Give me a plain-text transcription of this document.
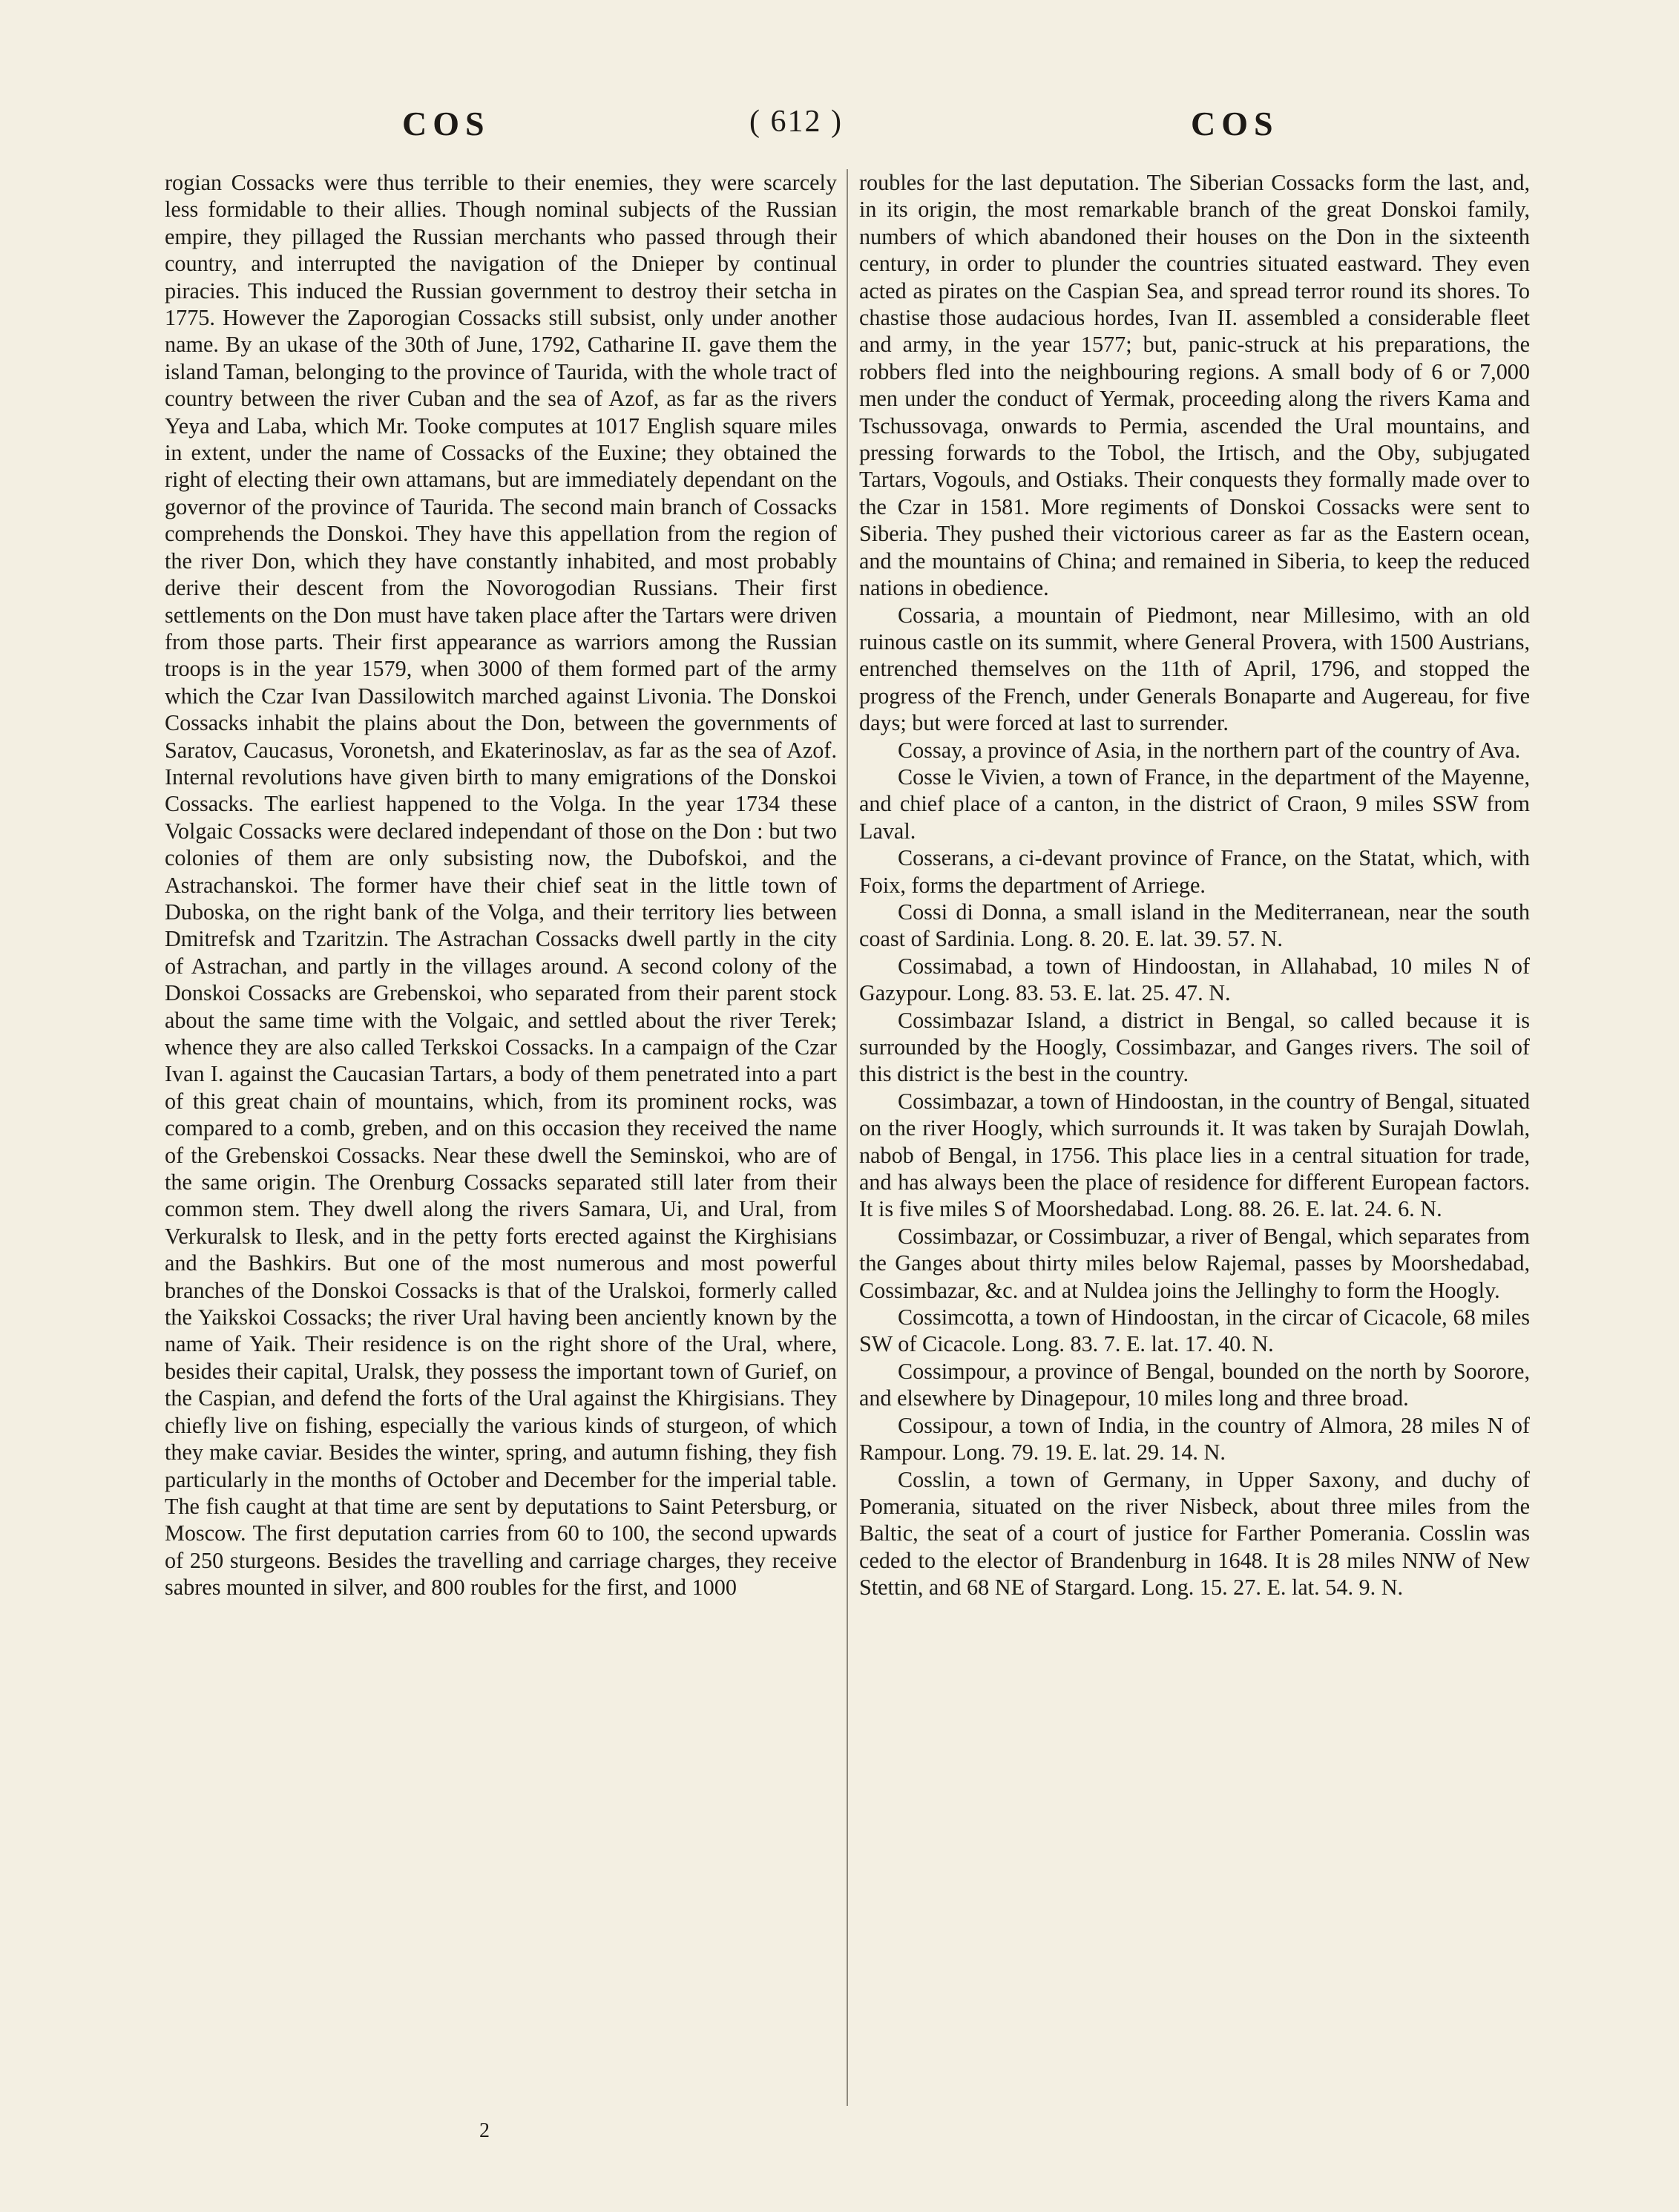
COS	( 612 )	COS

rogian Cossacks were thus terrible to their enemies, they were scarcely less formidable to their allies. Though nominal subjects of the Russian empire, they pillaged the Russian merchants who passed through their country, and interrupted the navigation of the Dnieper by continual piracies. This induced the Russian government to destroy their setcha in 1775. However the Zaporogian Cossacks still subsist, only under another name. By an ukase of the 30th of June, 1792, Catharine II. gave them the island Taman, belonging to the province of Taurida, with the whole tract of country between the river Cuban and the sea of Azof, as far as the rivers Yeya and Laba, which Mr. Tooke computes at 1017 English square miles in extent, under the name of Cossacks of the Euxine; they obtained the right of electing their own attamans, but are immediately dependant on the governor of the province of Taurida. The second main branch of Cossacks comprehends the Donskoi. They have this appellation from the region of the river Don, which they have constantly inhabited, and most probably derive their descent from the Novorogodian Russians. Their first settlements on the Don must have taken place after the Tartars were driven from those parts. Their first appearance as warriors among the Russian troops is in the year 1579, when 3000 of them formed part of the army which the Czar Ivan Dassilowitch marched against Livonia. The Donskoi Cossacks inhabit the plains about the Don, between the governments of Saratov, Caucasus, Voronetsh, and Ekaterinoslav, as far as the sea of Azof. Internal revolutions have given birth to many emigrations of the Donskoi Cossacks. The earliest happened to the Volga. In the year 1734 these Volgaic Cossacks were declared independant of those on the Don : but two colonies of them are only subsisting now, the Dubofskoi, and the Astrachanskoi. The former have their chief seat in the little town of Duboska, on the right bank of the Volga, and their territory lies between Dmitrefsk and Tzaritzin. The Astrachan Cossacks dwell partly in the city of Astrachan, and partly in the villages around. A second colony of the Donskoi Cossacks are Grebenskoi, who separated from their parent stock about the same time with the Volgaic, and settled about the river Terek; whence they are also called Terkskoi Cossacks. In a campaign of the Czar Ivan I. against the Caucasian Tartars, a body of them penetrated into a part of this great chain of mountains, which, from its prominent rocks, was compared to a comb, greben, and on this occasion they received the name of the Grebenskoi Cossacks. Near these dwell the Seminskoi, who are of the same origin. The Orenburg Cossacks separated still later from their common stem. They dwell along the rivers Samara, Ui, and Ural, from Verkuralsk to Ilesk, and in the petty forts erected against the Kirghisians and the Bashkirs. But one of the most numerous and most powerful branches of the Donskoi Cossacks is that of the Uralskoi, formerly called the Yaikskoi Cossacks; the river Ural having been anciently known by the name of Yaik. Their residence is on the right shore of the Ural, where, besides their capital, Uralsk, they possess the important town of Gurief, on the Caspian, and defend the forts of the Ural against the Khirgisians. They chiefly live on fishing, especially the various kinds of sturgeon, of which they make caviar. Besides the winter, spring, and autumn fishing, they fish particularly in the months of October and December for the imperial table. The fish caught at that time are sent by deputations to Saint Petersburg, or Moscow. The first deputation carries from 60 to 100, the second upwards of 250 sturgeons. Besides the travelling and carriage charges, they receive sabres mounted in silver, and 800 roubles for the first, and 1000

roubles for the last deputation. The Siberian Cossacks form the last, and, in its origin, the most remarkable branch of the great Donskoi family, numbers of which abandoned their houses on the Don in the sixteenth century, in order to plunder the countries situated eastward. They even acted as pirates on the Caspian Sea, and spread terror round its shores. To chastise those audacious hordes, Ivan II. assembled a considerable fleet and army, in the year 1577; but, panic-struck at his preparations, the robbers fled into the neighbouring regions. A small body of 6 or 7,000 men under the conduct of Yermak, proceeding along the rivers Kama and Tschussovaga, onwards to Permia, ascended the Ural mountains, and pressing forwards to the Tobol, the Irtisch, and the Oby, subjugated Tartars, Vogouls, and Ostiaks. Their conquests they formally made over to the Czar in 1581. More regiments of Donskoi Cossacks were sent to Siberia. They pushed their victorious career as far as the Eastern ocean, and the mountains of China; and remained in Siberia, to keep the reduced nations in obedience.

Cossaria, a mountain of Piedmont, near Millesimo, with an old ruinous castle on its summit, where General Provera, with 1500 Austrians, entrenched themselves on the 11th of April, 1796, and stopped the progress of the French, under Generals Bonaparte and Augereau, for five days; but were forced at last to surrender.

Cossay, a province of Asia, in the northern part of the country of Ava.

Cosse le Vivien, a town of France, in the department of the Mayenne, and chief place of a canton, in the district of Craon, 9 miles SSW from Laval.

Cosserans, a ci-devant province of France, on the Statat, which, with Foix, forms the department of Arriege.

Cossi di Donna, a small island in the Mediterranean, near the south coast of Sardinia. Long. 8. 20. E. lat. 39. 57. N.

Cossimabad, a town of Hindoostan, in Allahabad, 10 miles N of Gazypour. Long. 83. 53. E. lat. 25. 47. N.

Cossimbazar Island, a district in Bengal, so called because it is surrounded by the Hoogly, Cossimbazar, and Ganges rivers. The soil of this district is the best in the country.

Cossimbazar, a town of Hindoostan, in the country of Bengal, situated on the river Hoogly, which surrounds it. It was taken by Surajah Dowlah, nabob of Bengal, in 1756. This place lies in a central situation for trade, and has always been the place of residence for different European factors. It is five miles S of Moorshedabad. Long. 88. 26. E. lat. 24. 6. N.

Cossimbazar, or Cossimbuzar, a river of Bengal, which separates from the Ganges about thirty miles below Rajemal, passes by Moorshedabad, Cossimbazar, &c. and at Nuldea joins the Jellinghy to form the Hoogly.

Cossimcotta, a town of Hindoostan, in the circar of Cicacole, 68 miles SW of Cicacole. Long. 83. 7. E. lat. 17. 40. N.

Cossimpour, a province of Bengal, bounded on the north by Soorore, and elsewhere by Dinagepour, 10 miles long and three broad.

Cossipour, a town of India, in the country of Almora, 28 miles N of Rampour. Long. 79. 19. E. lat. 29. 14. N.

Cosslin, a town of Germany, in Upper Saxony, and duchy of Pomerania, situated on the river Nisbeck, about three miles from the Baltic, the seat of a court of justice for Farther Pomerania. Cosslin was ceded to the elector of Brandenburg in 1648. It is 28 miles NNW of New Stettin, and 68 NE of Stargard. Long. 15. 27. E. lat. 54. 9. N.

2
